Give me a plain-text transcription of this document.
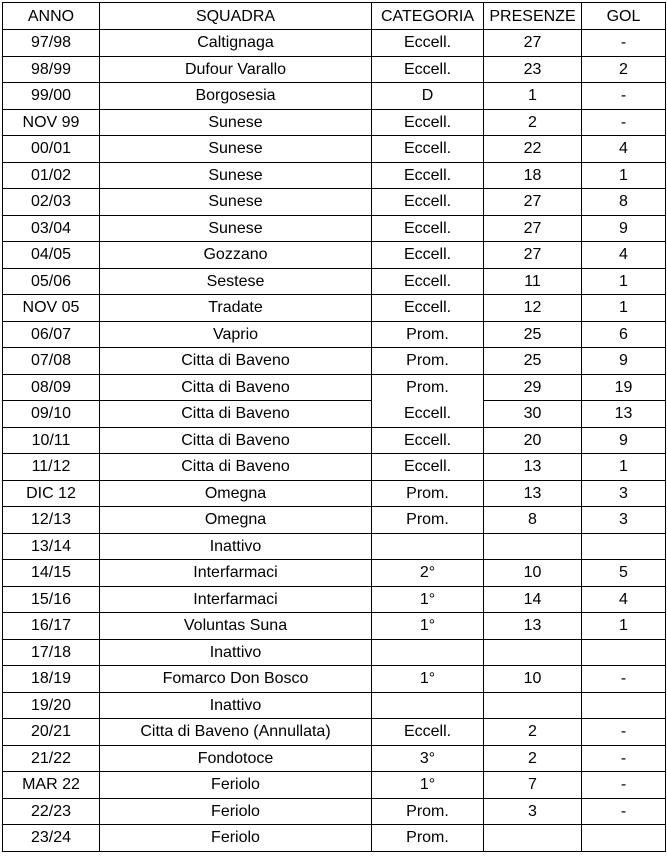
ANNO	SQUADRA	CATEGORIA	PRESENZE	GOL
97/98	Caltignaga	Eccell.	27	-
98/99	Dufour Varallo	Eccell.	23	2
99/00	Borgosesia	D	1	-
NOV 99	Sunese	Eccell.	2	-
00/01	Sunese	Eccell.	22	4
01/02	Sunese	Eccell.	18	1
02/03	Sunese	Eccell.	27	8
03/04	Sunese	Eccell.	27	9
04/05	Gozzano	Eccell.	27	4
05/06	Sestese	Eccell.	11	1
NOV 05	Tradate	Eccell.	12	1
06/07	Vaprio	Prom.	25	6
07/08	Citta di Baveno	Prom.	25	9
08/09	Citta di Baveno	Prom.	29	19
09/10	Citta di Baveno	Eccell.	30	13
10/11	Citta di Baveno	Eccell.	20	9
11/12	Citta di Baveno	Eccell.	13	1
DIC 12	Omegna	Prom.	13	3
12/13	Omegna	Prom.	8	3
13/14	Inattivo			
14/15	Interfarmaci	2°	10	5
15/16	Interfarmaci	1°	14	4
16/17	Voluntas Suna	1°	13	1
17/18	Inattivo			
18/19	Fomarco Don Bosco	1°	10	-
19/20	Inattivo			
20/21	Citta di Baveno (Annullata)	Eccell.	2	-
21/22	Fondotoce	3°	2	-
MAR 22	Feriolo	1°	7	-
22/23	Feriolo	Prom.	3	-
23/24	Feriolo	Prom.		
